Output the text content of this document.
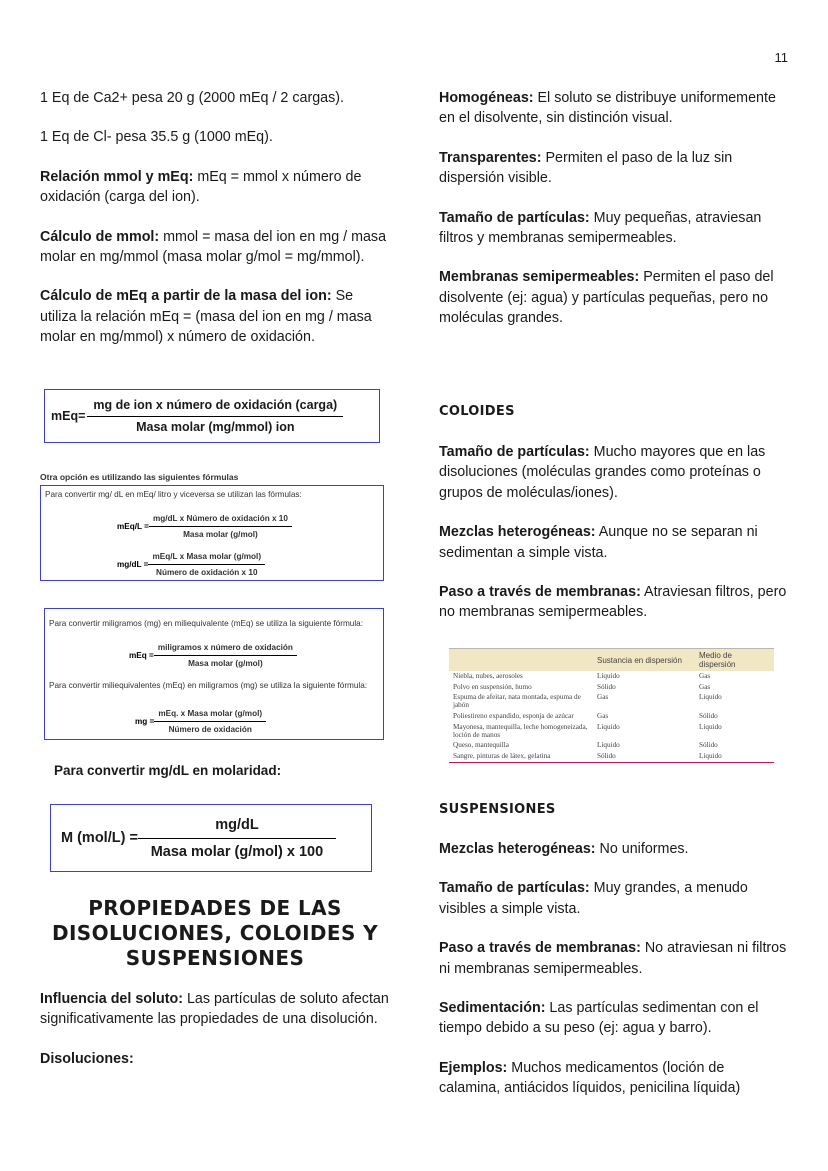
11

1 Eq de Ca2+ pesa 20 g (2000 mEq / 2 cargas).

1 Eq de Cl- pesa 35.5 g (1000 mEq).

Relación mmol y mEq: mEq = mmol x número de oxidación (carga del ion).

Cálculo de mmol: mmol = masa del ion en mg / masa molar en mg/mmol (masa molar g/mol = mg/mmol).

Cálculo de mEq a partir de la masa del ion: Se utiliza la relación mEq = (masa del ion en mg / masa molar en mg/mmol) x número de oxidación.

$mEq= \frac{\text{mg de ion x número de oxidación (carga)}}{\text{Masa molar (mg/mmol) ion}}$
Otra opción es utilizando las siguientes fórmulas
Para convertir mg/ dL en mEq/ litro y viceversa se utilizan las fórmulas:
$mEq/L = \frac{\text{mg/dL x Número de oxidación x 10}}{\text{Masa molar (g/mol)}}$
$mg/dL = \frac{\text{mEq/L x Masa molar (g/mol)}}{\text{Número de oxidación x 10}}$
Para convertir miligramos (mg) en miliequivalente (mEq) se utiliza la siguiente fórmula:
mEq = $\frac{\text{miligramos x número de oxidación}}{\text{Masa molar (g/mol)}}$
Para convertir miliequivalentes (mEq) en miligramos (mg) se utiliza la siguiente fórmula:
mg = $\frac{\text{mEq. x Masa molar (g/mol)}}{\text{Número de oxidación}}$
Para convertir mg/dL en molaridad:
M $(mol/L) = \frac{mg/dL}{\text{Masa molar (g/mol) x 100}}$
PROPIEDADES DE LAS DISOLUCIONES, COLOIDES Y SUSPENSIONES

Influencia del soluto: Las partículas de soluto afectan significativamente las propiedades de una disolución.

Disoluciones:

Homogéneas: El soluto se distribuye uniformemente en el disolvente, sin distinción visual.

Transparentes: Permiten el paso de la luz sin dispersión visible.

Tamaño de partículas: Muy pequeñas, atraviesan filtros y membranas semipermeables.

Membranas semipermeables: Permiten el paso del disolvente (ej: agua) y partículas pequeñas, pero no moléculas grandes.

COLOIDES

Tamaño de partículas: Mucho mayores que en las disoluciones (moléculas grandes como proteínas o grupos de moléculas/iones).

Mezclas heterogéneas: Aunque no se separan ni sedimentan a simple vista.

Paso a través de membranas: Atraviesan filtros, pero no membranas semipermeables.

	Sustancia en dispersión	Medio de dispersión
Niebla, nubes, aerosoles	Líquido	Gas
Polvo en suspensión, humo	Sólido	Gas
Espuma de afeitar, nata montada, espuma de jabón	Gas	Líquido
Poliestireno expandido, esponja de azúcar	Gas	Sólido
Mayonesa, mantequilla, leche homogeneizada, loción de manos	Líquido	Líquido
Queso, mantequilla	Líquido	Sólido
Sangre, pinturas de látex, gelatina	Sólido	Líquido
SUSPENSIONES

Mezclas heterogéneas: No uniformes.

Tamaño de partículas: Muy grandes, a menudo visibles a simple vista.

Paso a través de membranas: No atraviesan ni filtros ni membranas semipermeables.

Sedimentación: Las partículas sedimentan con el tiempo debido a su peso (ej: agua y barro).

Ejemplos: Muchos medicamentos (loción de calamina, antiácidos líquidos, penicilina líquida)
